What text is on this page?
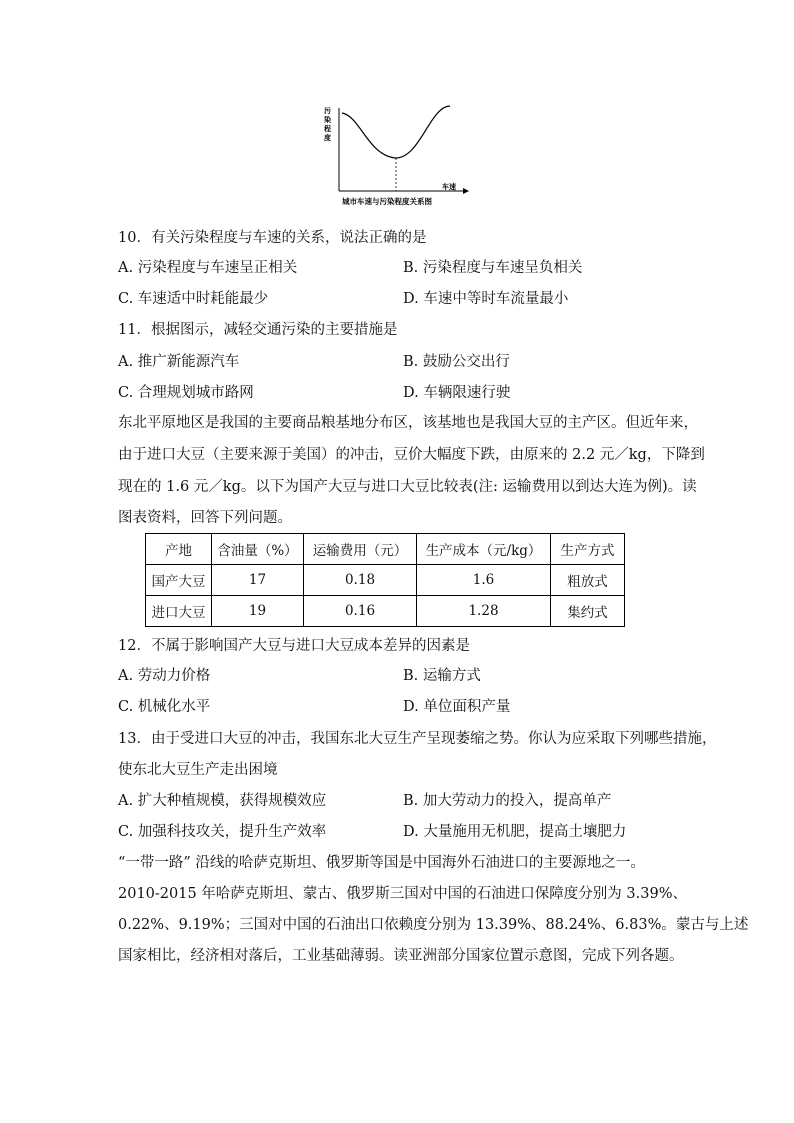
污
染
程
度
车速
城市车速与污染程度关系图
10．有关污染程度与车速的关系，说法正确的是
A. 污染程度与车速呈正相关	B. 污染程度与车速呈负相关
C. 车速适中时耗能最少	D. 车速中等时车流量最小
11．根据图示，减轻交通污染的主要措施是
A. 推广新能源汽车	B. 鼓励公交出行
C. 合理规划城市路网	D. 车辆限速行驶
东北平原地区是我国的主要商品粮基地分布区，该基地也是我国大豆的主产区。但近年来，
由于进口大豆（主要来源于美国）的冲击，豆价大幅度下跌，由原来的 2.2 元／kg，下降到
现在的 1.6 元／kg。以下为国产大豆与进口大豆比较表(注: 运输费用以到达大连为例)。读
图表资料，回答下列问题。
产地	含油量（%）	运输费用（元）	生产成本（元/kg）	生产方式
国产大豆	17	0.18	1.6	粗放式
进口大豆	19	0.16	1.28	集约式
12．不属于影响国产大豆与进口大豆成本差异的因素是
A. 劳动力价格	B. 运输方式
C. 机械化水平	D. 单位面积产量
13．由于受进口大豆的冲击，我国东北大豆生产呈现萎缩之势。你认为应采取下列哪些措施，
使东北大豆生产走出困境
A. 扩大种植规模，获得规模效应	B. 加大劳动力的投入，提高单产
C. 加强科技攻关，提升生产效率	D. 大量施用无机肥，提高土壤肥力
“一带一路” 沿线的哈萨克斯坦、俄罗斯等国是中国海外石油进口的主要源地之一。
2010-2015 年哈萨克斯坦、蒙古、俄罗斯三国对中国的石油进口保障度分别为 3.39%、
0.22%、9.19%；三国对中国的石油出口依赖度分别为 13.39%、88.24%、6.83%。蒙古与上述
国家相比，经济相对落后，工业基础薄弱。读亚洲部分国家位置示意图，完成下列各题。
